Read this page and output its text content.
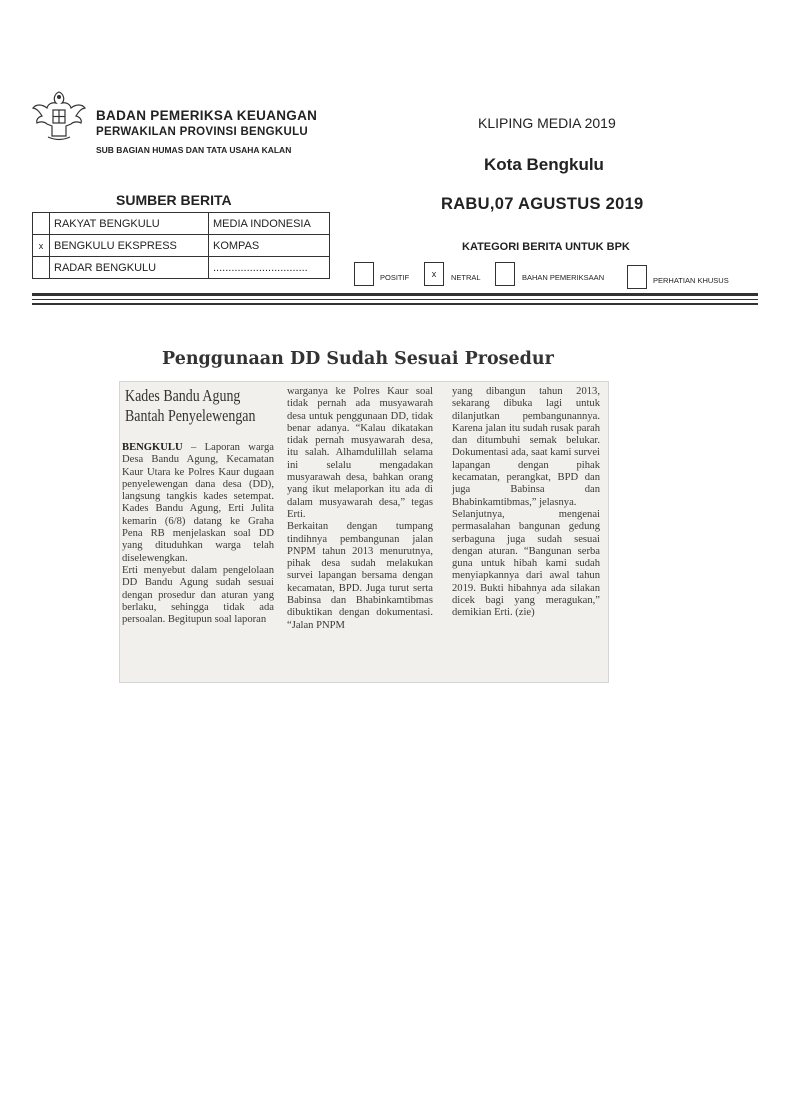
BADAN PEMERIKSA KEUANGAN
PERWAKILAN PROVINSI BENGKULU
SUB BAGIAN HUMAS DAN TATA USAHA KALAN
KLIPING MEDIA 2019
Kota Bengkulu
RABU,07 AGUSTUS 2019
SUMBER BERITA
	RAKYAT BENGKULU	MEDIA INDONESIA
x	BENGKULU EKSPRESS	KOMPAS
	RADAR BENGKULU	...............................
KATEGORI BERITA UNTUK BPK
POSITIF	x	NETRAL	BAHAN PEMERIKSAAN	PERHATIAN KHUSUS
Penggunaan DD Sudah Sesuai Prosedur
Kades Bandu Agung Bantah Penyelewengan
BENGKULU – Laporan warga Desa Bandu Agung, Kecamatan Kaur Utara ke Polres Kaur dugaan penyelewengan dana desa (DD), langsung tangkis kades setempat. Kades Bandu Agung, Erti Julita kemarin (6/8) datang ke Graha Pena RB menjelaskan soal DD yang dituduhkan warga telah diselewengkan.
Erti menyebut dalam pengelolaan DD Bandu Agung sudah sesuai dengan prosedur dan aturan yang berlaku, sehingga tidak ada persoalan. Begitupun soal laporan
warganya ke Polres Kaur soal tidak pernah ada musyawarah desa untuk penggunaan DD, tidak benar adanya. “Kalau dikatakan tidak pernah musyawarah desa, itu salah. Alhamdulillah selama ini selalu mengadakan musyarawah desa, bahkan orang yang ikut melaporkan itu ada di dalam musyawarah desa,” tegas Erti.
Berkaitan dengan tumpang tindihnya pembangunan jalan PNPM tahun 2013 menurutnya, pihak desa sudah melakukan survei lapangan bersama dengan kecamatan, BPD. Juga turut serta Babinsa dan Bhabinkamtibmas dibuktikan dengan dokumentasi. “Jalan PNPM
yang dibangun tahun 2013, sekarang dibuka lagi untuk dilanjutkan pembangunannya. Karena jalan itu sudah rusak parah dan ditumbuhi semak belukar. Dokumentasi ada, saat kami survei lapangan dengan pihak kecamatan, perangkat, BPD dan juga Babinsa dan Bhabinkamtibmas,” jelasnya.
Selanjutnya, mengenai permasalahan bangunan gedung serbaguna juga sudah sesuai dengan aturan. “Bangunan serba guna untuk hibah kami sudah menyiapkannya dari awal tahun 2019. Bukti hibahnya ada silakan dicek bagi yang meragukan,” demikian Erti. (zie)
